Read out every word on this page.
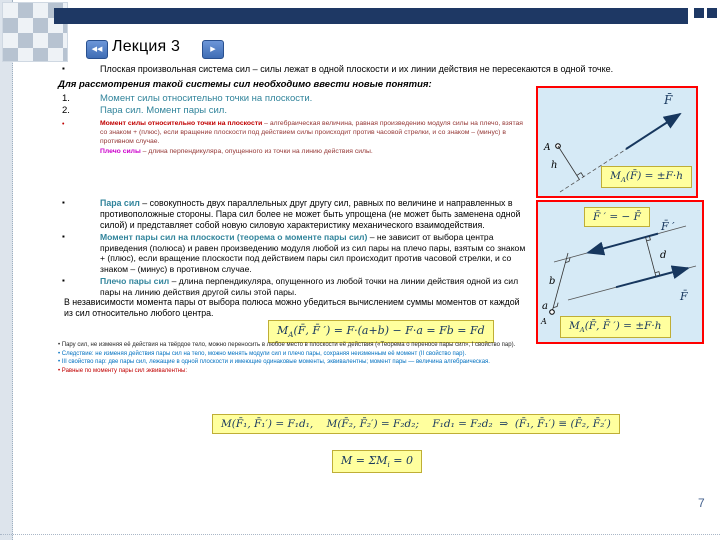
◀◀ Лекция 3	▶
▪	Плоская произвольная система сил – силы лежат в одной плоскости и их линии действия не пересекаются в одной точке.
Для рассмотрения такой системы сил необходимо ввести новые понятия:
1.	Момент силы относительно точки на плоскости.
2.	Пара сил. Момент пары сил.
•	Момент силы относительно точки на плоскости – алгебраическая величина, равная произведению модуля силы на плечо, взятая со знаком + (плюс), если вращение плоскости под действием силы происходит против часовой стрелки, и со знаком – (минус) в противном случае.
Плечо силы – длина перпендикуляра, опущенного из точки на линию действия силы.
F̄
A
h
$M_A(F̄) = \pm F\cdot h$
▪	Пара сил – совокупность двух параллельных друг другу сил, равных по величине и направленных в противоположные стороны. Пара сил более не может быть упрощена (не может быть заменена одной силой) и представляет собой новую силовую характеристику механического взаимодействия.
▪	Момент пары сил на плоскости (теорема о моменте пары сил) – не зависит от выбора центра приведения (полюса) и равен произведению модуля любой из сил пары на плечо пары, взятым со знаком + (плюс), если вращение плоскости под действием пары сил происходит против часовой стрелки, и со знаком – (минус) в противном случае.
▪	Плечо пары сил – длина перпендикуляра, опущенного из любой точки на линии действия одной из сил пары на линию действия другой силы этой пары.
В независимости момента пары от выбора полюса можно убедиться вычислением суммы моментов от каждой из сил относительно любого центра.
$M_A(F̄$, F̄ ′) = F·(a+b) − F·a = Fb = Fd
F̄ ′
F̄
a
b
d
A
F̄ ′ = − F̄
$M_A(F̄$, F̄ ′) = ±F·h
• Пару сил, не изменяя её действия на твёрдое тело, можно переносить в любое место в плоскости её действия («Теорема о переносе пары сил», I свойство пар).
• Следствие: не изменяя действия пары сил на тело, можно менять модули сил и плечо пары, сохраняя неизменным её момент (II свойство пар).
• III свойство пар: две пары сил, лежащие в одной плоскости и имеющие одинаковые моменты, эквивалентны; момент пары — величина алгебраическая.
• Равные по моменту пары сил эквивалентны:
M(F̄₁, F̄₁′) = F₁d₁,    M(F̄₂, F̄₂′) = F₂d₂;    F₁d₁ = F₂d₂  ⇒  (F̄₁, F̄₁′) ≡ (F̄₂, F̄₂′)
$M = \Sigma M_i = 0$
7
